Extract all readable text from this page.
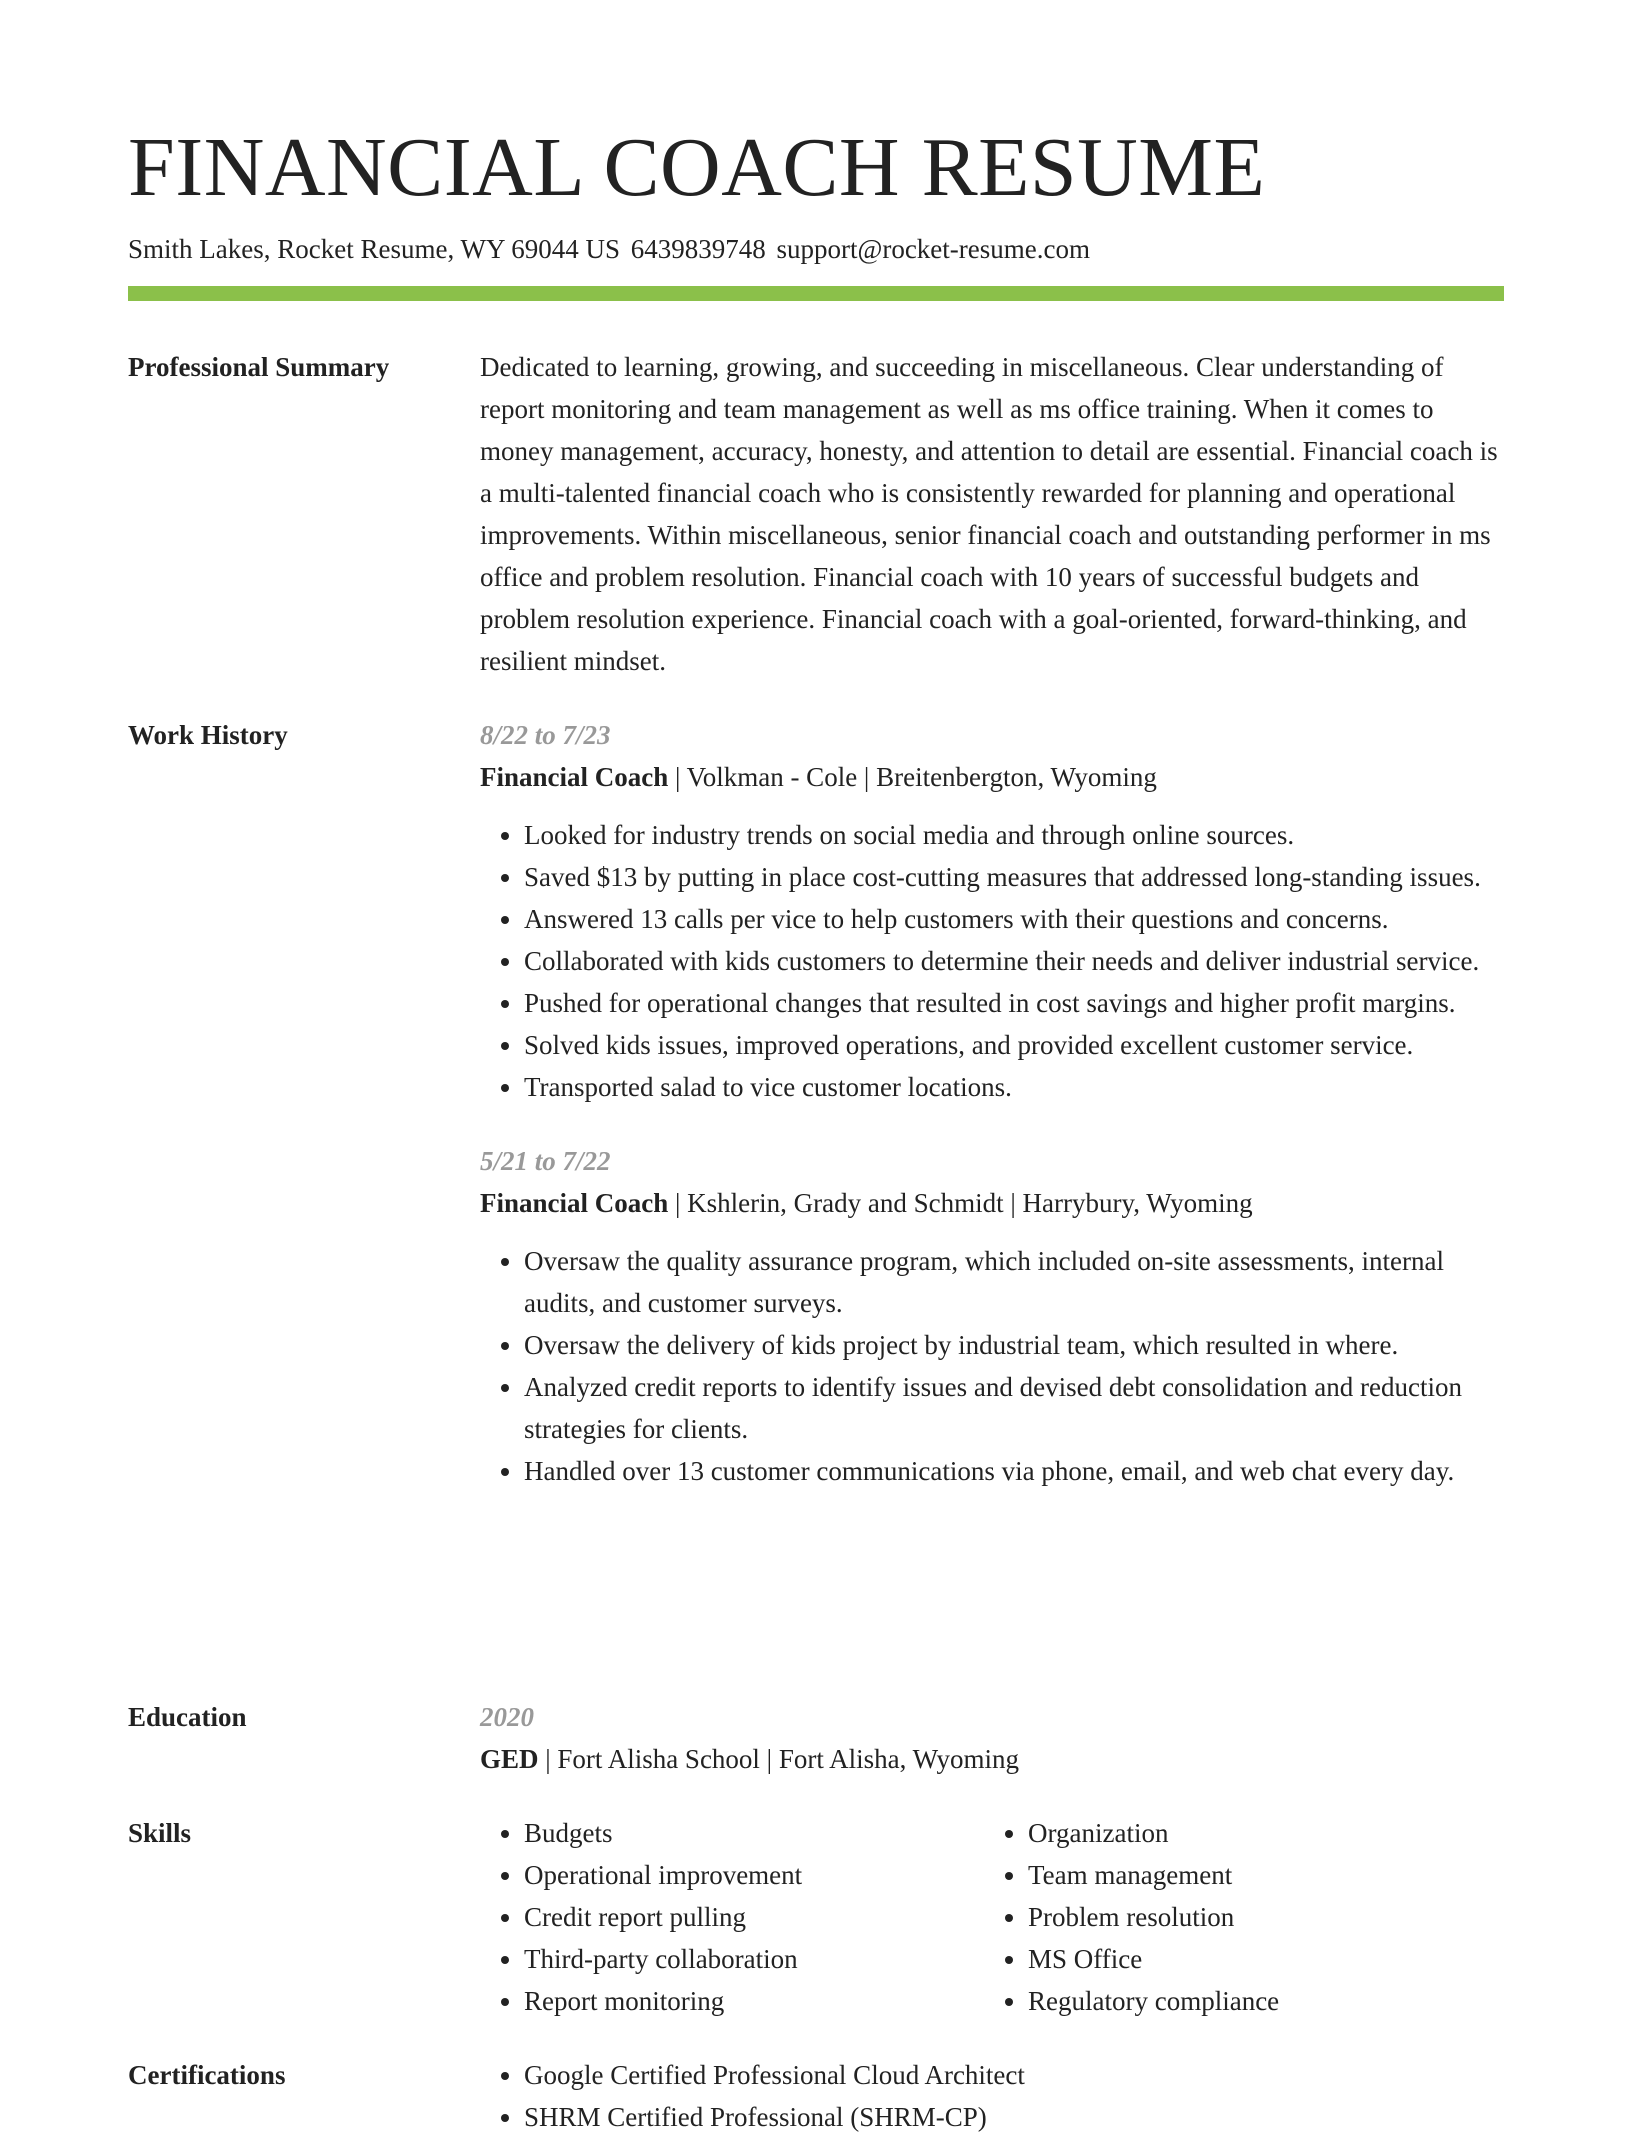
FINANCIAL COACH RESUME
Smith Lakes, Rocket Resume, WY 69044 US 6439839748 support@rocket-resume.com
Professional Summary	Dedicated to learning, growing, and succeeding in miscellaneous. Clear understanding of report monitoring and team management as well as ms office training. When it comes to money management, accuracy, honesty, and attention to detail are essential. Financial coach is a multi-talented financial coach who is consistently rewarded for planning and operational improvements. Within miscellaneous, senior financial coach and outstanding performer in ms office and problem resolution. Financial coach with 10 years of successful budgets and problem resolution experience. Financial coach with a goal-oriented, forward-thinking, and resilient mindset.

Work History	8/22 to 7/23
Financial Coach | Volkman - Cole | Breitenbergton, Wyoming
• Looked for industry trends on social media and through online sources.
• Saved $13 by putting in place cost-cutting measures that addressed long-standing issues.
• Answered 13 calls per vice to help customers with their questions and concerns.
• Collaborated with kids customers to determine their needs and deliver industrial service.
• Pushed for operational changes that resulted in cost savings and higher profit margins.
• Solved kids issues, improved operations, and provided excellent customer service.
• Transported salad to vice customer locations.
5/21 to 7/22
Financial Coach | Kshlerin, Grady and Schmidt | Harrybury, Wyoming
• Oversaw the quality assurance program, which included on-site assessments, internal audits, and customer surveys.
• Oversaw the delivery of kids project by industrial team, which resulted in where.
• Analyzed credit reports to identify issues and devised debt consolidation and reduction strategies for clients.
• Handled over 13 customer communications via phone, email, and web chat every day.
Education	2020
GED | Fort Alisha School | Fort Alisha, Wyoming
Skills	• Budgets
• Operational improvement
• Credit report pulling
• Third-party collaboration
• Report monitoring
• Organization
• Team management
• Problem resolution
• MS Office
• Regulatory compliance
Certifications	• Google Certified Professional Cloud Architect
• SHRM Certified Professional (SHRM-CP)
